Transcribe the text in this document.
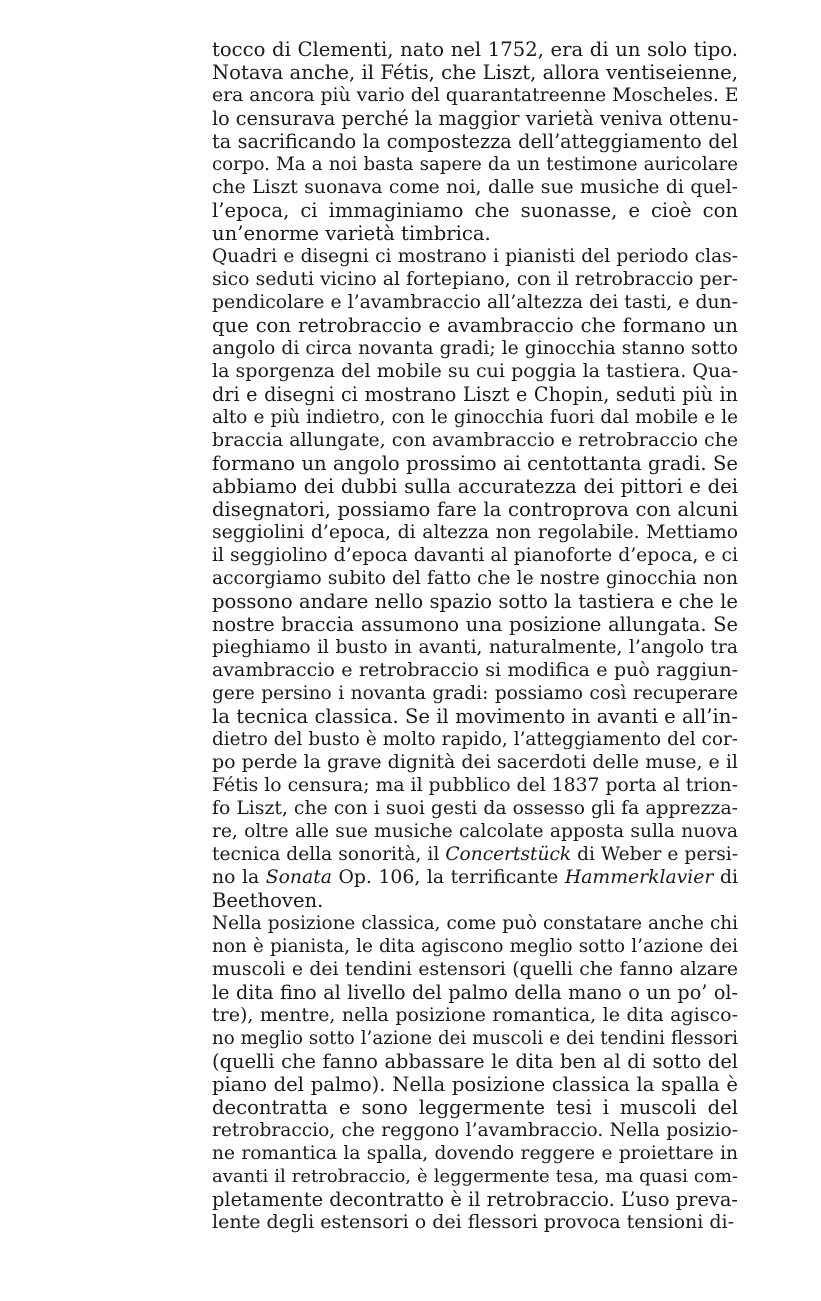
tocco di Clementi, nato nel 1752, era di un solo tipo.
Notava anche, il Fétis, che Liszt, allora ventiseienne,
era ancora più vario del quarantatreenne Moscheles. E
lo censurava perché la maggior varietà veniva ottenu-
ta sacrificando la compostezza dell’atteggiamento del
corpo. Ma a noi basta sapere da un testimone auricolare
che Liszt suonava come noi, dalle sue musiche di quel-
l’epoca, ci immaginiamo che suonasse, e cioè con
un’enorme varietà timbrica.
Quadri e disegni ci mostrano i pianisti del periodo clas-
sico seduti vicino al fortepiano, con il retrobraccio per-
pendicolare e l’avambraccio all’altezza dei tasti, e dun-
que con retrobraccio e avambraccio che formano un
angolo di circa novanta gradi; le ginocchia stanno sotto
la sporgenza del mobile su cui poggia la tastiera. Qua-
dri e disegni ci mostrano Liszt e Chopin, seduti più in
alto e più indietro, con le ginocchia fuori dal mobile e le
braccia allungate, con avambraccio e retrobraccio che
formano un angolo prossimo ai centottanta gradi. Se
abbiamo dei dubbi sulla accuratezza dei pittori e dei
disegnatori, possiamo fare la controprova con alcuni
seggiolini d’epoca, di altezza non regolabile. Mettiamo
il seggiolino d’epoca davanti al pianoforte d’epoca, e ci
accorgiamo subito del fatto che le nostre ginocchia non
possono andare nello spazio sotto la tastiera e che le
nostre braccia assumono una posizione allungata. Se
pieghiamo il busto in avanti, naturalmente, l’angolo tra
avambraccio e retrobraccio si modifica e può raggiun-
gere persino i novanta gradi: possiamo così recuperare
la tecnica classica. Se il movimento in avanti e all’in-
dietro del busto è molto rapido, l’atteggiamento del cor-
po perde la grave dignità dei sacerdoti delle muse, e il
Fétis lo censura; ma il pubblico del 1837 porta al trion-
fo Liszt, che con i suoi gesti da ossesso gli fa apprezza-
re, oltre alle sue musiche calcolate apposta sulla nuova
tecnica della sonorità, il Concertstück di Weber e persi-
no la Sonata Op. 106, la terrificante Hammerklavier di
Beethoven.
Nella posizione classica, come può constatare anche chi
non è pianista, le dita agiscono meglio sotto l’azione dei
muscoli e dei tendini estensori (quelli che fanno alzare
le dita fino al livello del palmo della mano o un po’ ol-
tre), mentre, nella posizione romantica, le dita agisco-
no meglio sotto l’azione dei muscoli e dei tendini flessori
(quelli che fanno abbassare le dita ben al di sotto del
piano del palmo). Nella posizione classica la spalla è
decontratta e sono leggermente tesi i muscoli del
retrobraccio, che reggono l’avambraccio. Nella posizio-
ne romantica la spalla, dovendo reggere e proiettare in
avanti il retrobraccio, è leggermente tesa, ma quasi com-
pletamente decontratto è il retrobraccio. L’uso preva-
lente degli estensori o dei flessori provoca tensioni di-
